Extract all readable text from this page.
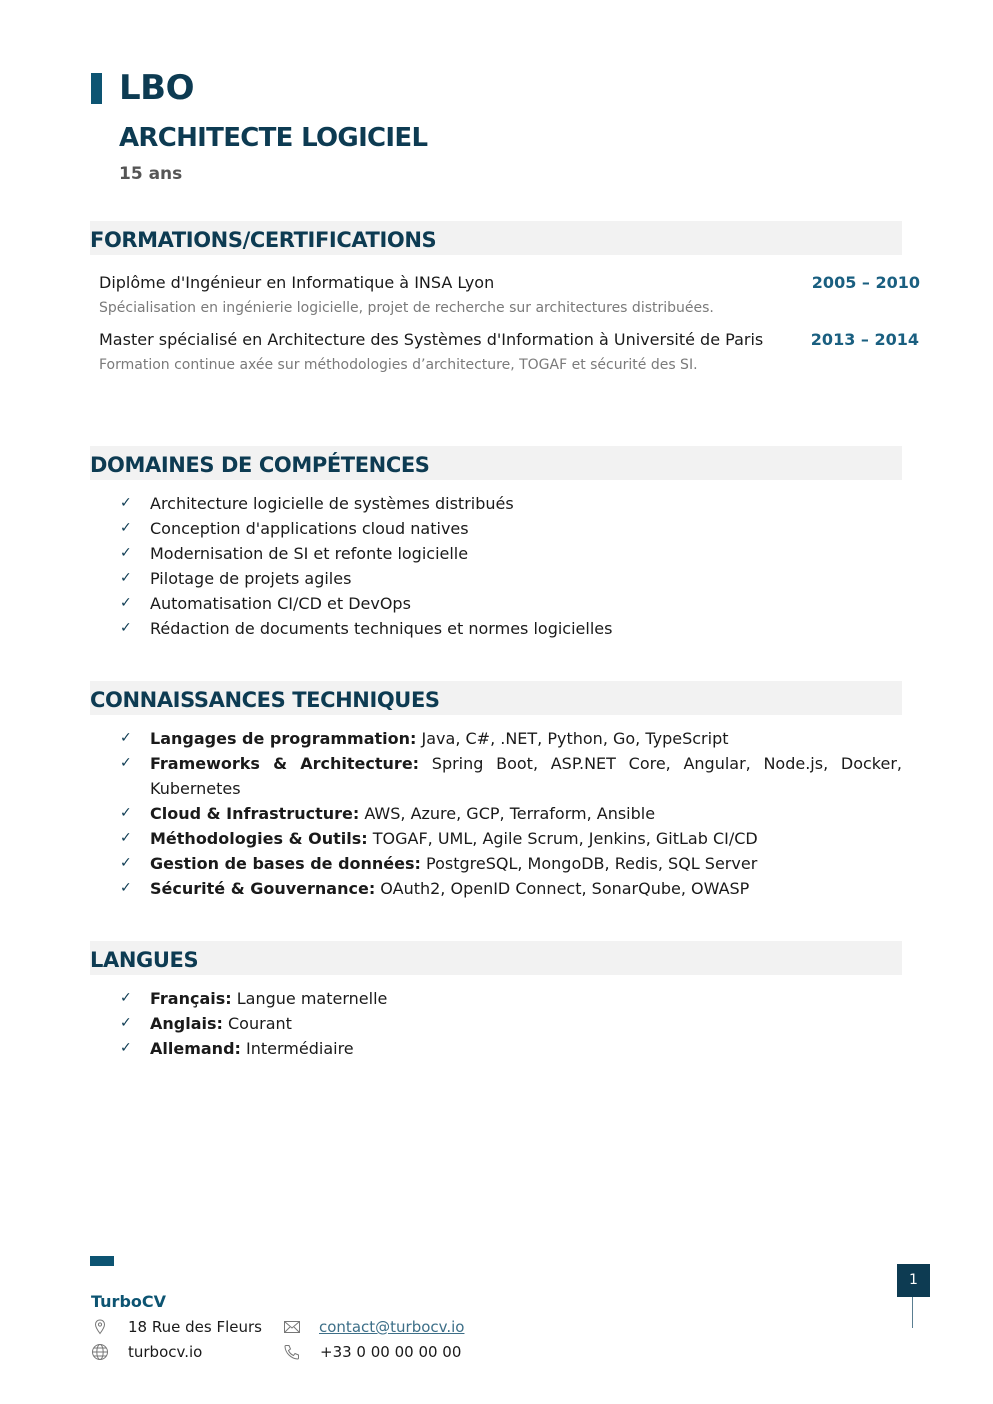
LBO
ARCHITECTE LOGICIEL
15 ans
FORMATIONS/CERTIFICATIONS
Diplôme d'Ingénieur en Informatique à INSA Lyon	2005 – 2010
Spécialisation en ingénierie logicielle, projet de recherche sur architectures distribuées.
Master spécialisé en Architecture des Systèmes d'Information à Université de Paris	2013 – 2014
Formation continue axée sur méthodologies d’architecture, TOGAF et sécurité des SI.
DOMAINES DE COMPÉTENCES
✓ Architecture logicielle de systèmes distribués
✓ Conception d'applications cloud natives
✓ Modernisation de SI et refonte logicielle
✓ Pilotage de projets agiles
✓ Automatisation CI/CD et DevOps
✓ Rédaction de documents techniques et normes logicielles
CONNAISSANCES TECHNIQUES
✓ Langages de programmation: Java, C#, .NET, Python, Go, TypeScript
✓ Frameworks & Architecture: Spring Boot, ASP.NET Core, Angular, Node.js, Docker, Kubernetes
✓ Cloud & Infrastructure: AWS, Azure, GCP, Terraform, Ansible
✓ Méthodologies & Outils: TOGAF, UML, Agile Scrum, Jenkins, GitLab CI/CD
✓ Gestion de bases de données: PostgreSQL, MongoDB, Redis, SQL Server
✓ Sécurité & Gouvernance: OAuth2, OpenID Connect, SonarQube, OWASP
LANGUES
✓ Français: Langue maternelle
✓ Anglais: Courant
✓ Allemand: Intermédiaire
TurboCV
18 Rue des Fleurs
turbocv.io
contact@turbocv.io
+33 0 00 00 00 00
1
